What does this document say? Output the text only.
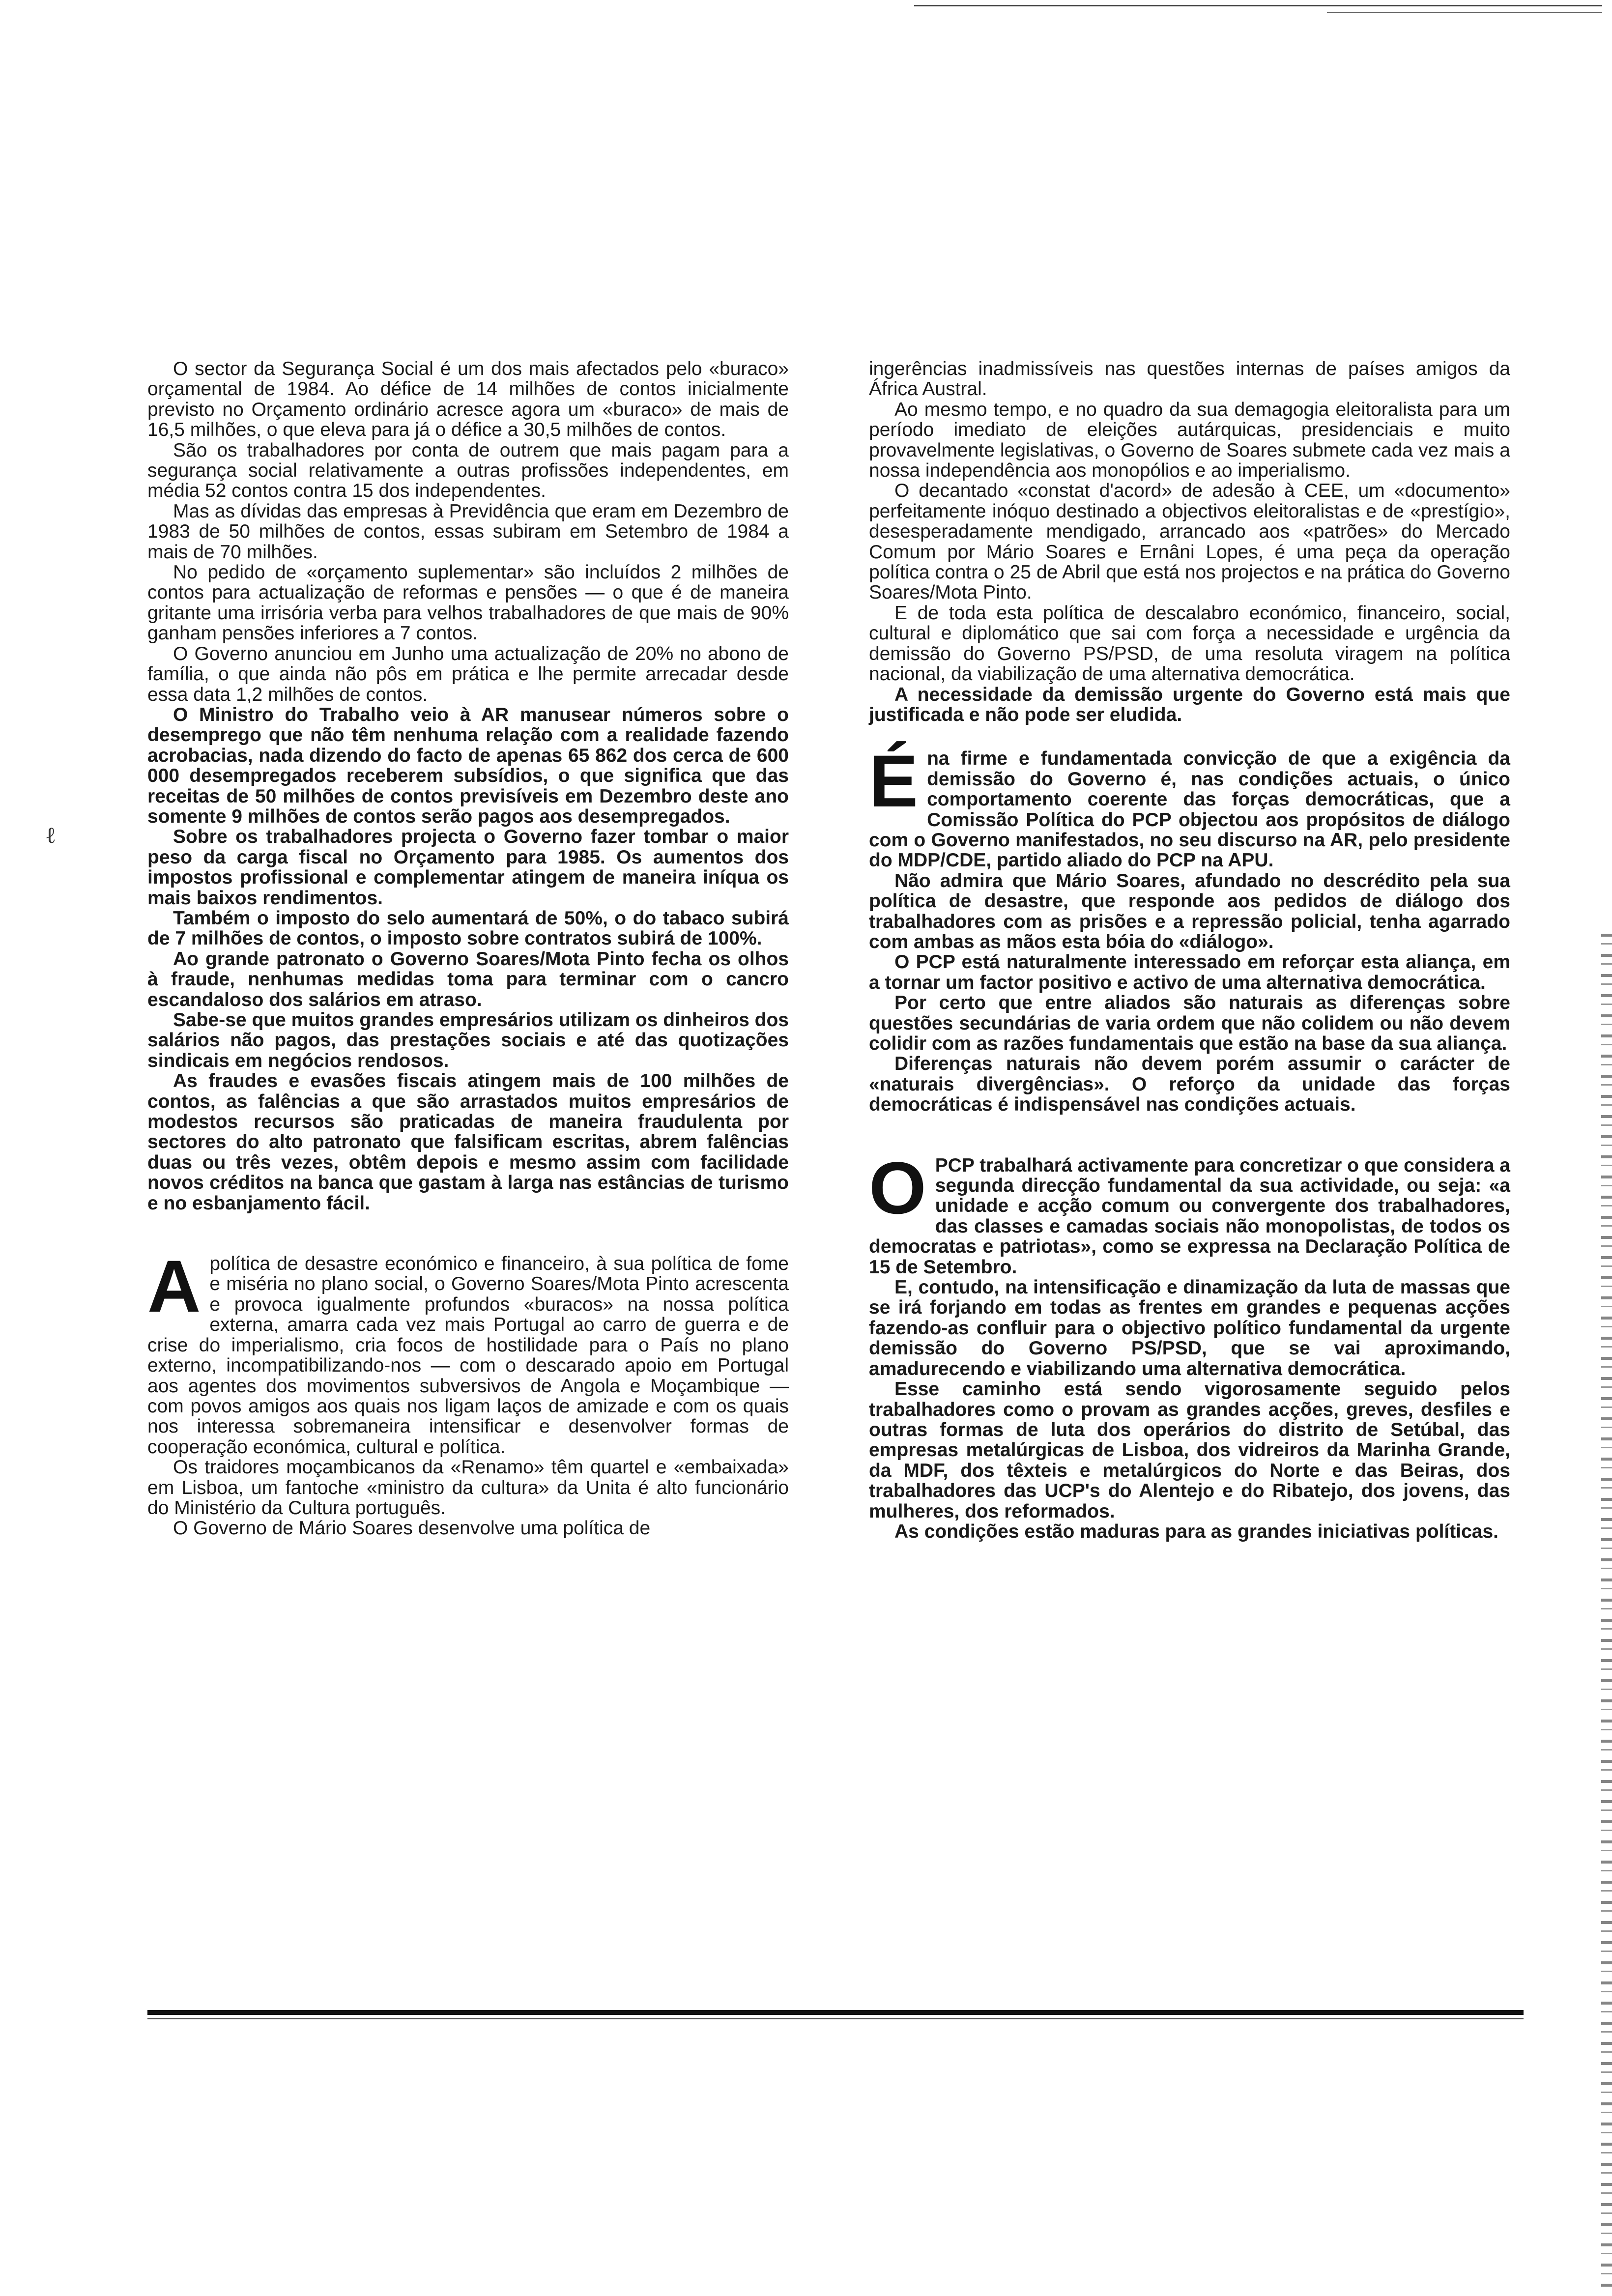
ℓ

O sector da Segurança Social é um dos mais afectados pelo «buraco» orçamental de 1984. Ao défice de 14 milhões de contos inicialmente previsto no Orçamento ordinário acresce agora um «buraco» de mais de 16,5 milhões, o que eleva para já o défice a 30,5 milhões de contos.

São os trabalhadores por conta de outrem que mais pagam para a segurança social relativamente a outras profissões independentes, em média 52 contos contra 15 dos independentes.

Mas as dívidas das empresas à Previdência que eram em Dezembro de 1983 de 50 milhões de contos, essas subiram em Setembro de 1984 a mais de 70 milhões.

No pedido de «orçamento suplementar» são incluídos 2 milhões de contos para actualização de reformas e pensões — o que é de maneira gritante uma irrisória verba para velhos trabalhadores de que mais de 90% ganham pensões inferiores a 7 contos.

O Governo anunciou em Junho uma actualização de 20% no abono de família, o que ainda não pôs em prática e lhe permite arrecadar desde essa data 1,2 milhões de contos.

O Ministro do Trabalho veio à AR manusear números sobre o desemprego que não têm nenhuma relação com a realidade fazendo acrobacias, nada dizendo do facto de apenas 65 862 dos cerca de 600 000 desempregados receberem subsídios, o que significa que das receitas de 50 milhões de contos previsíveis em Dezembro deste ano somente 9 milhões de contos serão pagos aos desempregados.

Sobre os trabalhadores projecta o Governo fazer tombar o maior peso da carga fiscal no Orçamento para 1985. Os aumentos dos impostos profissional e complementar atingem de maneira iníqua os mais baixos rendimentos.

Também o imposto do selo aumentará de 50%, o do tabaco subirá de 7 milhões de contos, o imposto sobre contratos subirá de 100%.

Ao grande patronato o Governo Soares/Mota Pinto fecha os olhos à fraude, nenhumas medidas toma para terminar com o cancro escandaloso dos salários em atraso.

Sabe-se que muitos grandes empresários utilizam os dinheiros dos salários não pagos, das prestações sociais e até das quotizações sindicais em negócios rendosos.

As fraudes e evasões fiscais atingem mais de 100 milhões de contos, as falências a que são arrastados muitos empresários de modestos recursos são praticadas de maneira fraudulenta por sectores do alto patronato que falsificam escritas, abrem falências duas ou três vezes, obtêm depois e mesmo assim com facilidade novos créditos na banca que gastam à larga nas estâncias de turismo e no esbanjamento fácil.

Apolítica de desastre económico e financeiro, à sua política de fome e miséria no plano social, o Governo Soares/Mota Pinto acrescenta e provoca igualmente profundos «buracos» na nossa política externa, amarra cada vez mais Portugal ao carro de guerra e de crise do imperialismo, cria focos de hostilidade para o País no plano externo, incompatibilizando-nos — com o descarado apoio em Portugal aos agentes dos movimentos subversivos de Angola e Moçambique — com povos amigos aos quais nos ligam laços de amizade e com os quais nos interessa sobremaneira intensificar e desenvolver formas de cooperação económica, cultural e política.

Os traidores moçambicanos da «Renamo» têm quartel e «embaixada» em Lisboa, um fantoche «ministro da cultura» da Unita é alto funcionário do Ministério da Cultura português.

O Governo de Mário Soares desenvolve uma política de

ingerências inadmissíveis nas questões internas de países amigos da África Austral.

Ao mesmo tempo, e no quadro da sua demagogia eleitoralista para um período imediato de eleições autárquicas, presidenciais e muito provavelmente legislativas, o Governo de Soares submete cada vez mais a nossa independência aos monopólios e ao imperialismo.

O decantado «constat d'acord» de adesão à CEE, um «documento» perfeitamente inóquo destinado a objectivos eleitoralistas e de «prestígio», desesperadamente mendigado, arrancado aos «patrões» do Mercado Comum por Mário Soares e Ernâni Lopes, é uma peça da operação política contra o 25 de Abril que está nos projectos e na prática do Governo Soares/Mota Pinto.

E de toda esta política de descalabro económico, financeiro, social, cultural e diplomático que sai com força a necessidade e urgência da demissão do Governo PS/PSD, de uma resoluta viragem na política nacional, da viabilização de uma alternativa democrática.

A necessidade da demissão urgente do Governo está mais que justificada e não pode ser eludida.

Éna firme e fundamentada convicção de que a exigência da demissão do Governo é, nas condições actuais, o único comportamento coerente das forças democráticas, que a Comissão Política do PCP objectou aos propósitos de diálogo com o Governo manifestados, no seu discurso na AR, pelo presidente do MDP/CDE, partido aliado do PCP na APU.

Não admira que Mário Soares, afundado no descrédito pela sua política de desastre, que responde aos pedidos de diálogo dos trabalhadores com as prisões e a repressão policial, tenha agarrado com ambas as mãos esta bóia do «diálogo».

O PCP está naturalmente interessado em reforçar esta aliança, em a tornar um factor positivo e activo de uma alternativa democrática.

Por certo que entre aliados são naturais as diferenças sobre questões secundárias de varia ordem que não colidem ou não devem colidir com as razões fundamentais que estão na base da sua aliança.

Diferenças naturais não devem porém assumir o carácter de «naturais divergências». O reforço da unidade das forças democráticas é indispensável nas condições actuais.

OPCP trabalhará activamente para concretizar o que considera a segunda direcção fundamental da sua actividade, ou seja: «a unidade e acção comum ou convergente dos trabalhadores, das classes e camadas sociais não monopolistas, de todos os democratas e patriotas», como se expressa na Declaração Política de 15 de Setembro.

E, contudo, na intensificação e dinamização da luta de massas que se irá forjando em todas as frentes em grandes e pequenas acções fazendo-as confluir para o objectivo político fundamental da urgente demissão do Governo PS/PSD, que se vai aproximando, amadurecendo e viabilizando uma alternativa democrática.

Esse caminho está sendo vigorosamente seguido pelos trabalhadores como o provam as grandes acções, greves, desfiles e outras formas de luta dos operários do distrito de Setúbal, das empresas metalúrgicas de Lisboa, dos vidreiros da Marinha Grande, da MDF, dos têxteis e metalúrgicos do Norte e das Beiras, dos trabalhadores das UCP's do Alentejo e do Ribatejo, dos jovens, das mulheres, dos reformados.

As condições estão maduras para as grandes iniciativas políticas.
